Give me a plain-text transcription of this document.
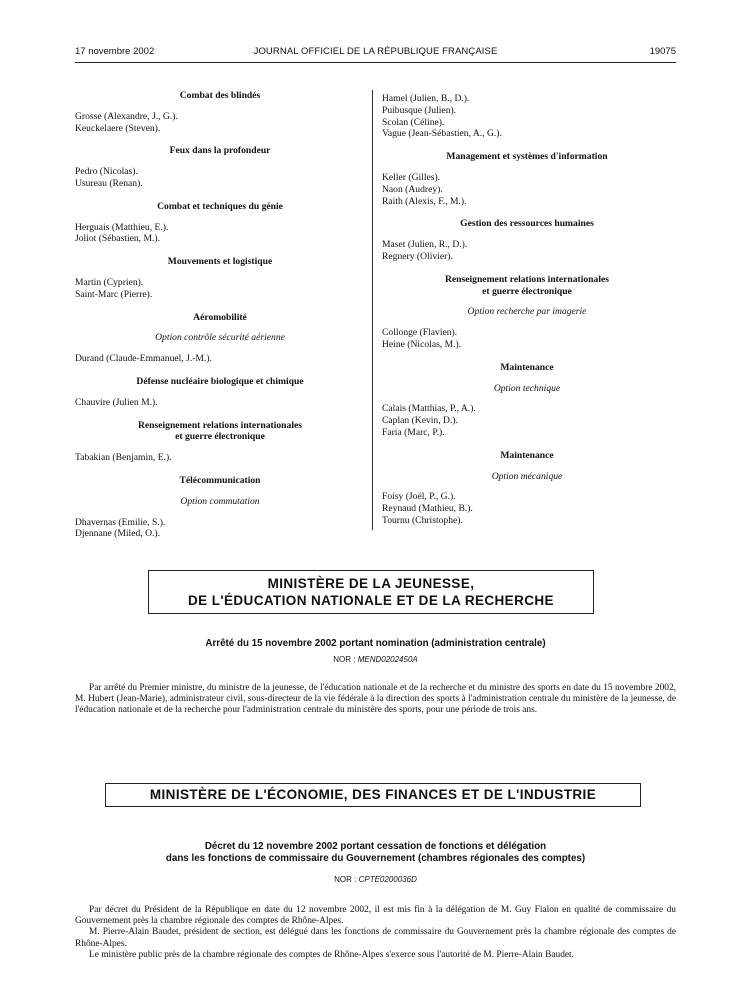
17 novembre 2002	JOURNAL OFFICIEL DE LA RÉPUBLIQUE FRANÇAISE	19075

Combat des blindés

Grosse (Alexandre, J., G.).

Keuckelaere (Steven).

Feux dans la profondeur

Pedro (Nicolas).

Usureau (Renan).

Combat et techniques du génie

Herguais (Matthieu, E.).

Joliot (Sébastien, M.).

Mouvements et logistique

Martin (Cyprien).

Saint-Marc (Pierre).

Aéromobilité

Option contrôle sécurité aérienne

Durand (Claude-Emmanuel, J.-M.).

Défense nucléaire biologique et chimique

Chauvire (Julien M.).

Renseignement relations internationales

et guerre électronique

Tabakian (Benjamin, E.).

Télécommunication

Option commutation

Dhavernas (Emilie, S.).

Djennane (Miled, O.).

Hamel (Julien, B., D.).

Puibusque (Julien).

Scolan (Céline).

Vague (Jean-Sébastien, A., G.).

Management et systèmes d'information

Keller (Gilles).

Naon (Audrey).

Raith (Alexis, F., M.).

Gestion des ressources humaines

Maset (Julien, R., D.).

Regnery (Olivier).

Renseignement relations internationales

et guerre électronique

Option recherche par imagerie

Collonge (Flavien).

Heine (Nicolas, M.).

Maintenance

Option technique

Calais (Matthias, P., A.).

Caplan (Kevin, D.).

Faria (Marc, P.).

Maintenance

Option mécanique

Foisy (Joël, P., G.).

Reynaud (Mathieu, B.).

Tournu (Christophe).

MINISTÈRE DE LA JEUNESSE,
DE L'ÉDUCATION NATIONALE ET DE LA RECHERCHE
Arrêté du 15 novembre 2002 portant nomination (administration centrale)
NOR : MEND0202450A

Par arrêté du Premier ministre, du ministre de la jeunesse, de l'éducation nationale et de la recherche et du ministre des sports en date du 15 novembre 2002, M. Hubert (Jean-Marie), administrateur civil, sous-directeur de la vie fédérale à la direction des sports à l'administration centrale du ministère de la jeunesse, de l'éducation nationale et de la recherche pour l'administration centrale du ministère des sports, pour une période de trois ans.

MINISTÈRE DE L'ÉCONOMIE, DES FINANCES ET DE L'INDUSTRIE
Décret du 12 novembre 2002 portant cessation de fonctions et délégation
dans les fonctions de commissaire du Gouvernement (chambres régionales des comptes)
NOR : CPTE0200036D

Par décret du Président de la République en date du 12 novembre 2002, il est mis fin à la délégation de M. Guy Fialon en qualité de commissaire du Gouvernement près la chambre régionale des comptes de Rhône-Alpes.

M. Pierre-Alain Baudet, président de section, est délégué dans les fonctions de commissaire du Gouvernement près la chambre régionale des comptes de Rhône-Alpes.

Le ministère public près de la chambre régionale des comptes de Rhône-Alpes s'exerce sous l'autorité de M. Pierre-Alain Baudet.
